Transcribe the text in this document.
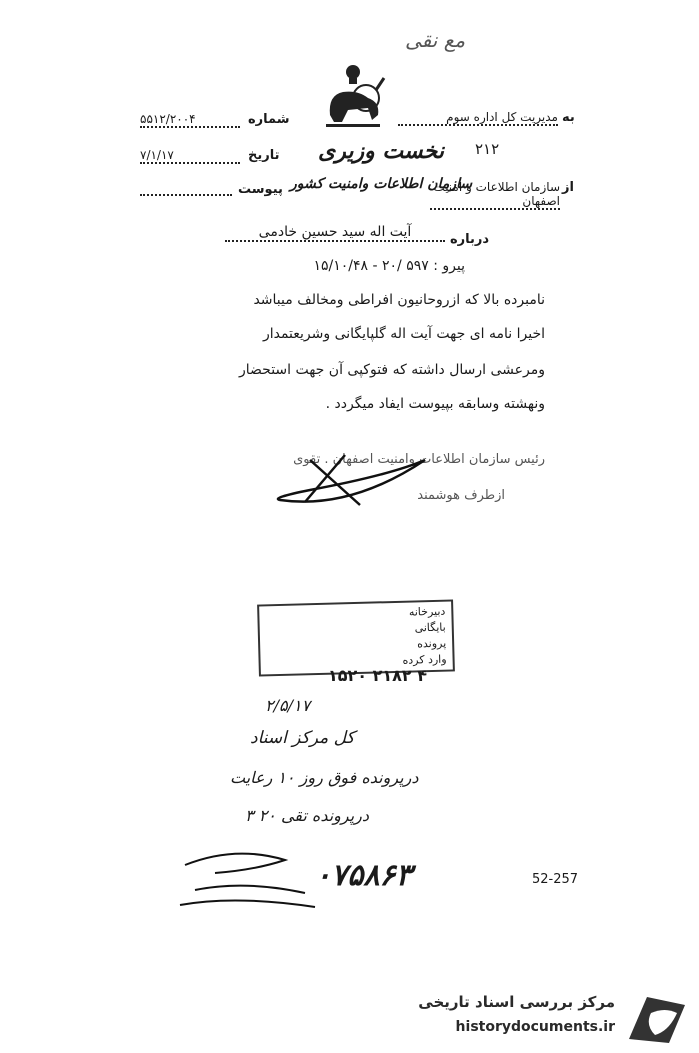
مع نقی
نخست وزیری
سازمان اطلاعات وامنیت کشور
به
مدیریت کل اداره سوم
۲۱۲
از
سازمان اطلاعات و امنیت اصفهان
درباره
آیت اله سید حسین خادمی
شماره
۵۵۱۲/۲۰۰۴
تاریخ
۷/۱/۱۷
پیوست
پیرو : ۵۹۷ /۲۰ - ۱۵/۱۰/۴۸
نامبرده بالا که ازروحانیون افراطی ومخالف میباشد
اخیرا نامه ای جهت آیت اله گلپایگانی وشریعتمدار
ومرعشی ارسال داشته که فتوکپی آن جهت استحضار
ونهشته وسابقه بپیوست ایفاد میگردد .
رئیس سازمان اطلاعات وامنیت اصفهان . تقوی
ازطرف هوشمند
دبیرخانه
بایگانی
پرونده
وارد کرده
۱۵۲۰ ۲۱۸۲ ۴
۲/۵/۱۷
کل مرکز اسناد
درپرونده فوق روز ۱۰ رعایت
درپرونده تقی ۲۰ ۳
۰۷۵۸۶۳	52-257
مرکز بررسی اسناد تاریخی
historydocuments.ir
